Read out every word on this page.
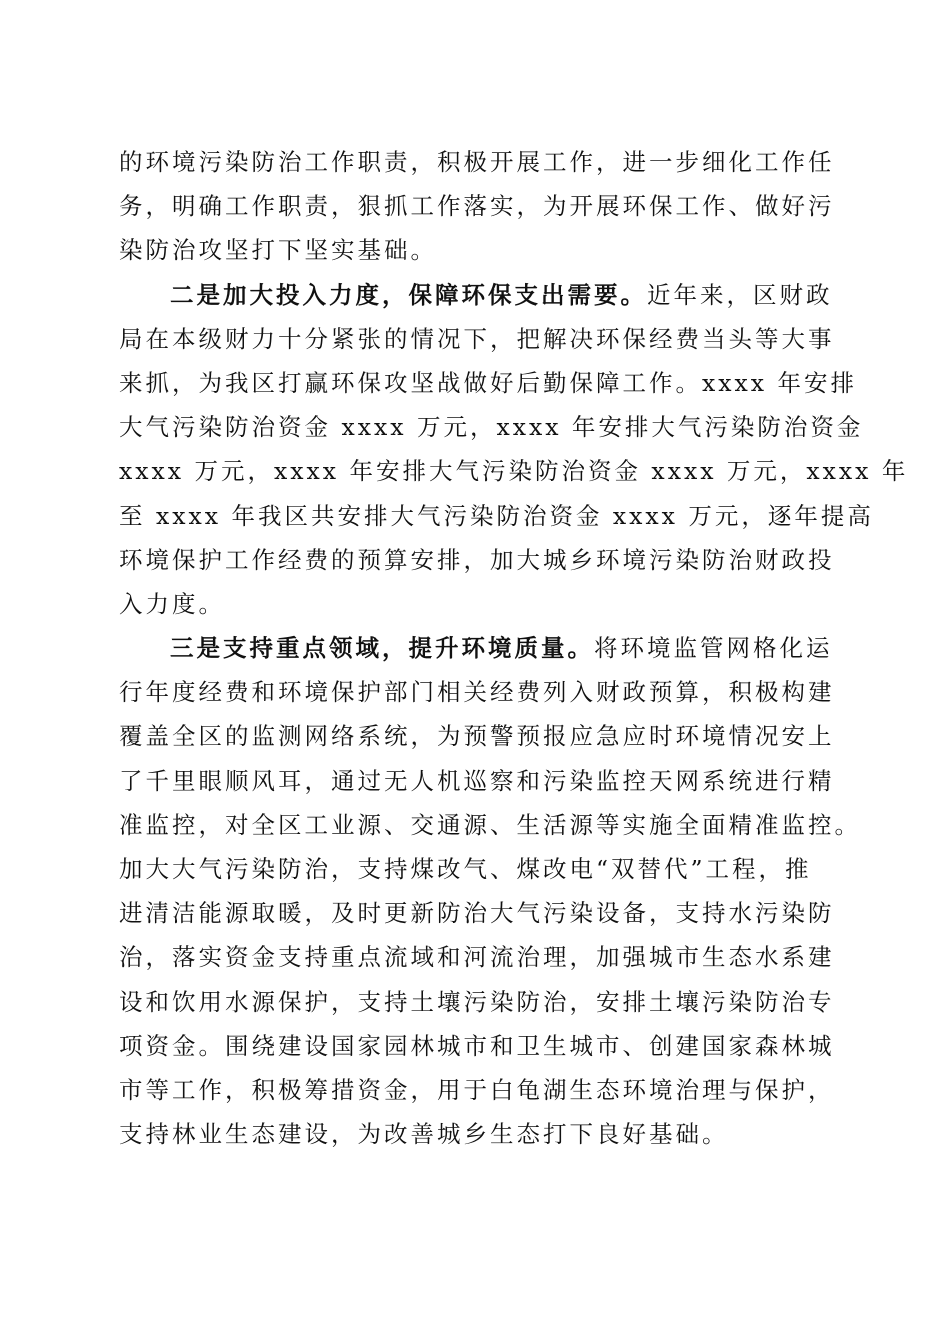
的环境污染防治工作职责，积极开展工作，进一步细化工作任
务，明确工作职责，狠抓工作落实，为开展环保工作、做好污
染防治攻坚打下坚实基础。
二是加大投入力度，保障环保支出需要。近年来，区财政
局在本级财力十分紧张的情况下，把解决环保经费当头等大事
来抓，为我区打赢环保攻坚战做好后勤保障工作。xxxx 年安排
大气污染防治资金 xxxx 万元，xxxx 年安排大气污染防治资金
xxxx 万元，xxxx 年安排大气污染防治资金 xxxx 万元，xxxx 年
至 xxxx 年我区共安排大气污染防治资金 xxxx 万元，逐年提高
环境保护工作经费的预算安排，加大城乡环境污染防治财政投
入力度。
三是支持重点领域，提升环境质量。将环境监管网格化运
行年度经费和环境保护部门相关经费列入财政预算，积极构建
覆盖全区的监测网络系统，为预警预报应急应时环境情况安上
了千里眼顺风耳，通过无人机巡察和污染监控天网系统进行精
准监控，对全区工业源、交通源、生活源等实施全面精准监控。
加大大气污染防治，支持煤改气、煤改电“双替代”工程，推
进清洁能源取暖，及时更新防治大气污染设备，支持水污染防
治，落实资金支持重点流域和河流治理，加强城市生态水系建
设和饮用水源保护，支持土壤污染防治，安排土壤污染防治专
项资金。围绕建设国家园林城市和卫生城市、创建国家森林城
市等工作，积极筹措资金，用于白龟湖生态环境治理与保护，
支持林业生态建设，为改善城乡生态打下良好基础。
